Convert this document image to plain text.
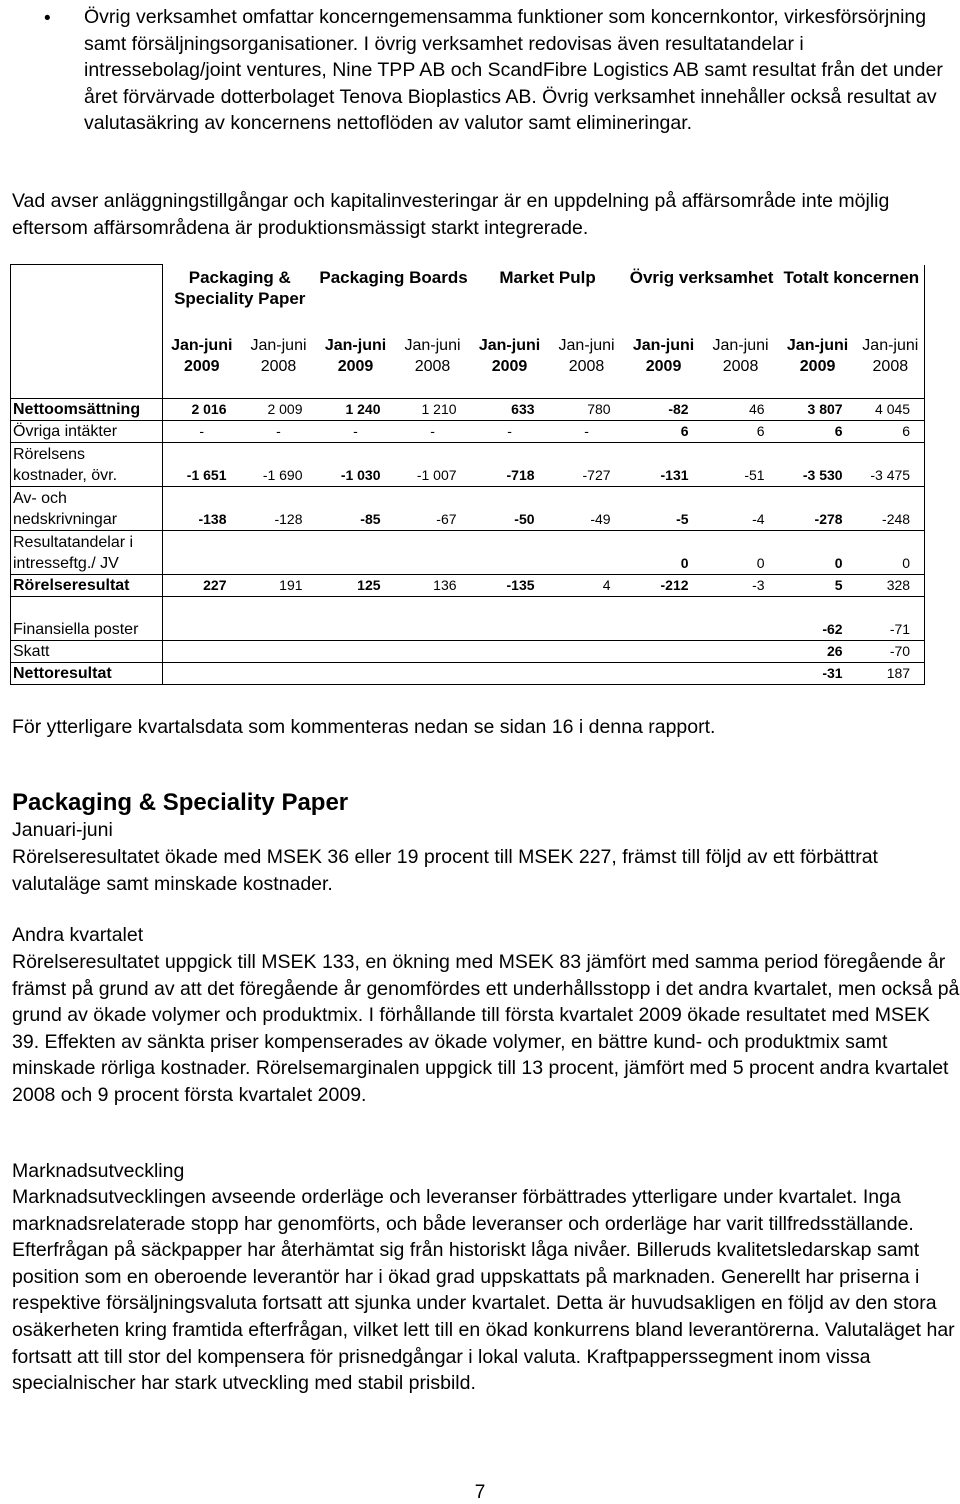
• Övrig verksamhet omfattar koncerngemensamma funktioner som koncernkontor, virkesförsörjning samt försäljningsorganisationer. I övrig verksamhet redovisas även resultatandelar i intressebolag/joint ventures, Nine TPP AB och ScandFibre Logistics AB samt resultat från det under året förvärvade dotterbolaget Tenova Bioplastics AB. Övrig verksamhet innehåller också resultat av valutasäkring av koncernens nettoflöden av valutor samt elimineringar.

Vad avser anläggningstillgångar och kapitalinvesteringar är en uppdelning på affärsområde inte möjlig eftersom affärsområdena är produktionsmässigt starkt integrerade.

	Packaging & Speciality Paper		Packaging Boards		Market Pulp		Övrig verksamhet		Totalt koncernen	
	Jan-juni 2009	Jan-juni 2008	Jan-juni 2009	Jan-juni 2008	Jan-juni 2009	Jan-juni 2008	Jan-juni 2009	Jan-juni 2008	Jan-juni 2009	Jan-juni 2008
Nettoomsättning	2 016	2 009	1 240	1 210	633	780	-82	46	3 807	4 045
Övriga intäkter	-	-	-	-	-	-	6	6	6	6
Rörelsens kostnader, övr.	-1 651	-1 690	-1 030	-1 007	-718	-727	-131	-51	-3 530	-3 475
Av- och nedskrivningar	-138	-128	-85	-67	-50	-49	-5	-4	-278	-248
Resultatandelar i intresseftg./ JV							0	0	0	0
Rörelseresultat	227	191	125	136	-135	4	-212	-3	5	328
Finansiella poster									-62	-71
Skatt									26	-70
Nettoresultat									-31	187

För ytterligare kvartalsdata som kommenteras nedan se sidan 16 i denna rapport.

Packaging & Speciality Paper

Januari-juni

Rörelseresultatet ökade med MSEK 36 eller 19 procent till MSEK 227, främst till följd av ett förbättrat valutaläge samt minskade kostnader.

Andra kvartalet

Rörelseresultatet uppgick till MSEK 133, en ökning med MSEK 83 jämfört med samma period föregående år främst på grund av att det föregående år genomfördes ett underhållsstopp i det andra kvartalet, men också på grund av ökade volymer och produktmix. I förhållande till första kvartalet 2009 ökade resultatet med MSEK 39. Effekten av sänkta priser kompenserades av ökade volymer, en bättre kund- och produktmix samt minskade rörliga kostnader. Rörelsemarginalen uppgick till 13 procent, jämfört med 5 procent andra kvartalet 2008 och 9 procent första kvartalet 2009.

Marknadsutveckling

Marknadsutvecklingen avseende orderläge och leveranser förbättrades ytterligare under kvartalet. Inga marknadsrelaterade stopp har genomförts, och både leveranser och orderläge har varit tillfredsställande. Efterfrågan på säckpapper har återhämtat sig från historiskt låga nivåer. Billeruds kvalitetsledarskap samt position som en oberoende leverantör har i ökad grad uppskattats på marknaden. Generellt har priserna i respektive försäljningsvaluta fortsatt att sjunka under kvartalet. Detta är huvudsakligen en följd av den stora osäkerheten kring framtida efterfrågan, vilket lett till en ökad konkurrens bland leverantörerna. Valutaläget har fortsatt att till stor del kompensera för prisnedgångar i lokal valuta. Kraftpapperssegment inom vissa specialnischer har stark utveckling med stabil prisbild.

7
